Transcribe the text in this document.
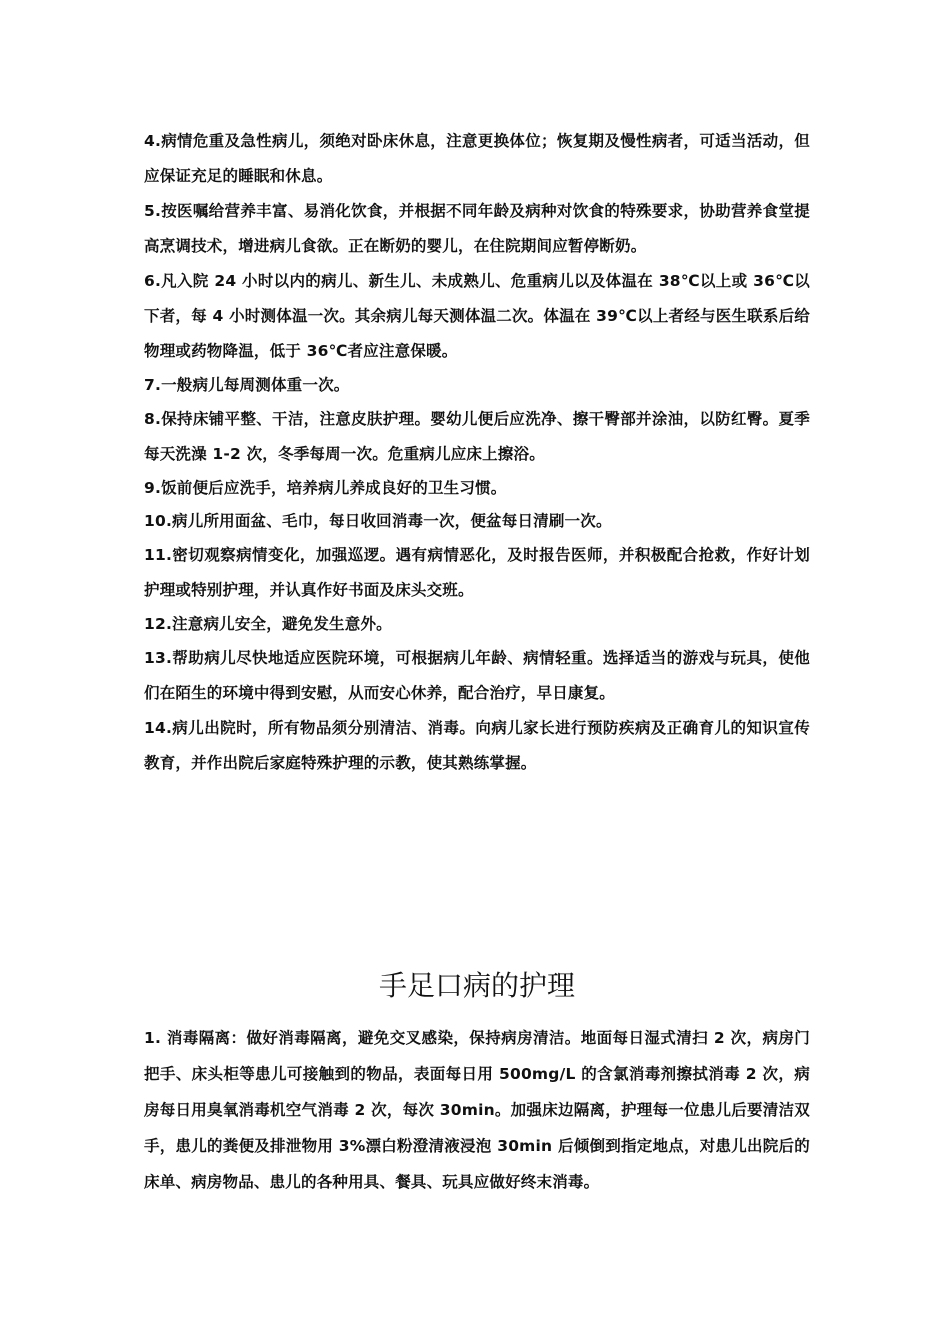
4.病情危重及急性病儿，须绝对卧床休息，注意更换体位；恢复期及慢性病者，可适当活动，但应保证充足的睡眠和休息。

5.按医嘱给营养丰富、易消化饮食，并根据不同年龄及病种对饮食的特殊要求，协助营养食堂提高烹调技术，增进病儿食欲。正在断奶的婴儿，在住院期间应暂停断奶。

6.凡入院 24 小时以内的病儿、新生儿、未成熟儿、危重病儿以及体温在 38℃以上或 36℃以下者，每 4 小时测体温一次。其余病儿每天测体温二次。体温在 39℃以上者经与医生联系后给物理或药物降温，低于 36℃者应注意保暖。

7.一般病儿每周测体重一次。

8.保持床铺平整、干洁，注意皮肤护理。婴幼儿便后应洗净、擦干臀部并涂油，以防红臀。夏季每天洗澡 1-2 次，冬季每周一次。危重病儿应床上擦浴。

9.饭前便后应洗手，培养病儿养成良好的卫生习惯。

10.病儿所用面盆、毛巾，每日收回消毒一次，便盆每日清刷一次。

11.密切观察病情变化，加强巡逻。遇有病情恶化，及时报告医师，并积极配合抢救，作好计划护理或特别护理，并认真作好书面及床头交班。

12.注意病儿安全，避免发生意外。

13.帮助病儿尽快地适应医院环境，可根据病儿年龄、病情轻重。选择适当的游戏与玩具，使他们在陌生的环境中得到安慰，从而安心休养，配合治疗，早日康复。

14.病儿出院时，所有物品须分别清洁、消毒。向病儿家长进行预防疾病及正确育儿的知识宣传教育，并作出院后家庭特殊护理的示教，使其熟练掌握。

手足口病的护理

1. 消毒隔离：做好消毒隔离，避免交叉感染，保持病房清洁。地面每日湿式清扫 2 次，病房门把手、床头柜等患儿可接触到的物品，表面每日用 500mg/L 的含氯消毒剂擦拭消毒 2 次，病房每日用臭氧消毒机空气消毒 2 次，每次 30min。加强床边隔离，护理每一位患儿后要清洁双手，患儿的粪便及排泄物用 3%漂白粉澄清液浸泡 30min 后倾倒到指定地点，对患儿出院后的床单、病房物品、患儿的各种用具、餐具、玩具应做好终末消毒。
